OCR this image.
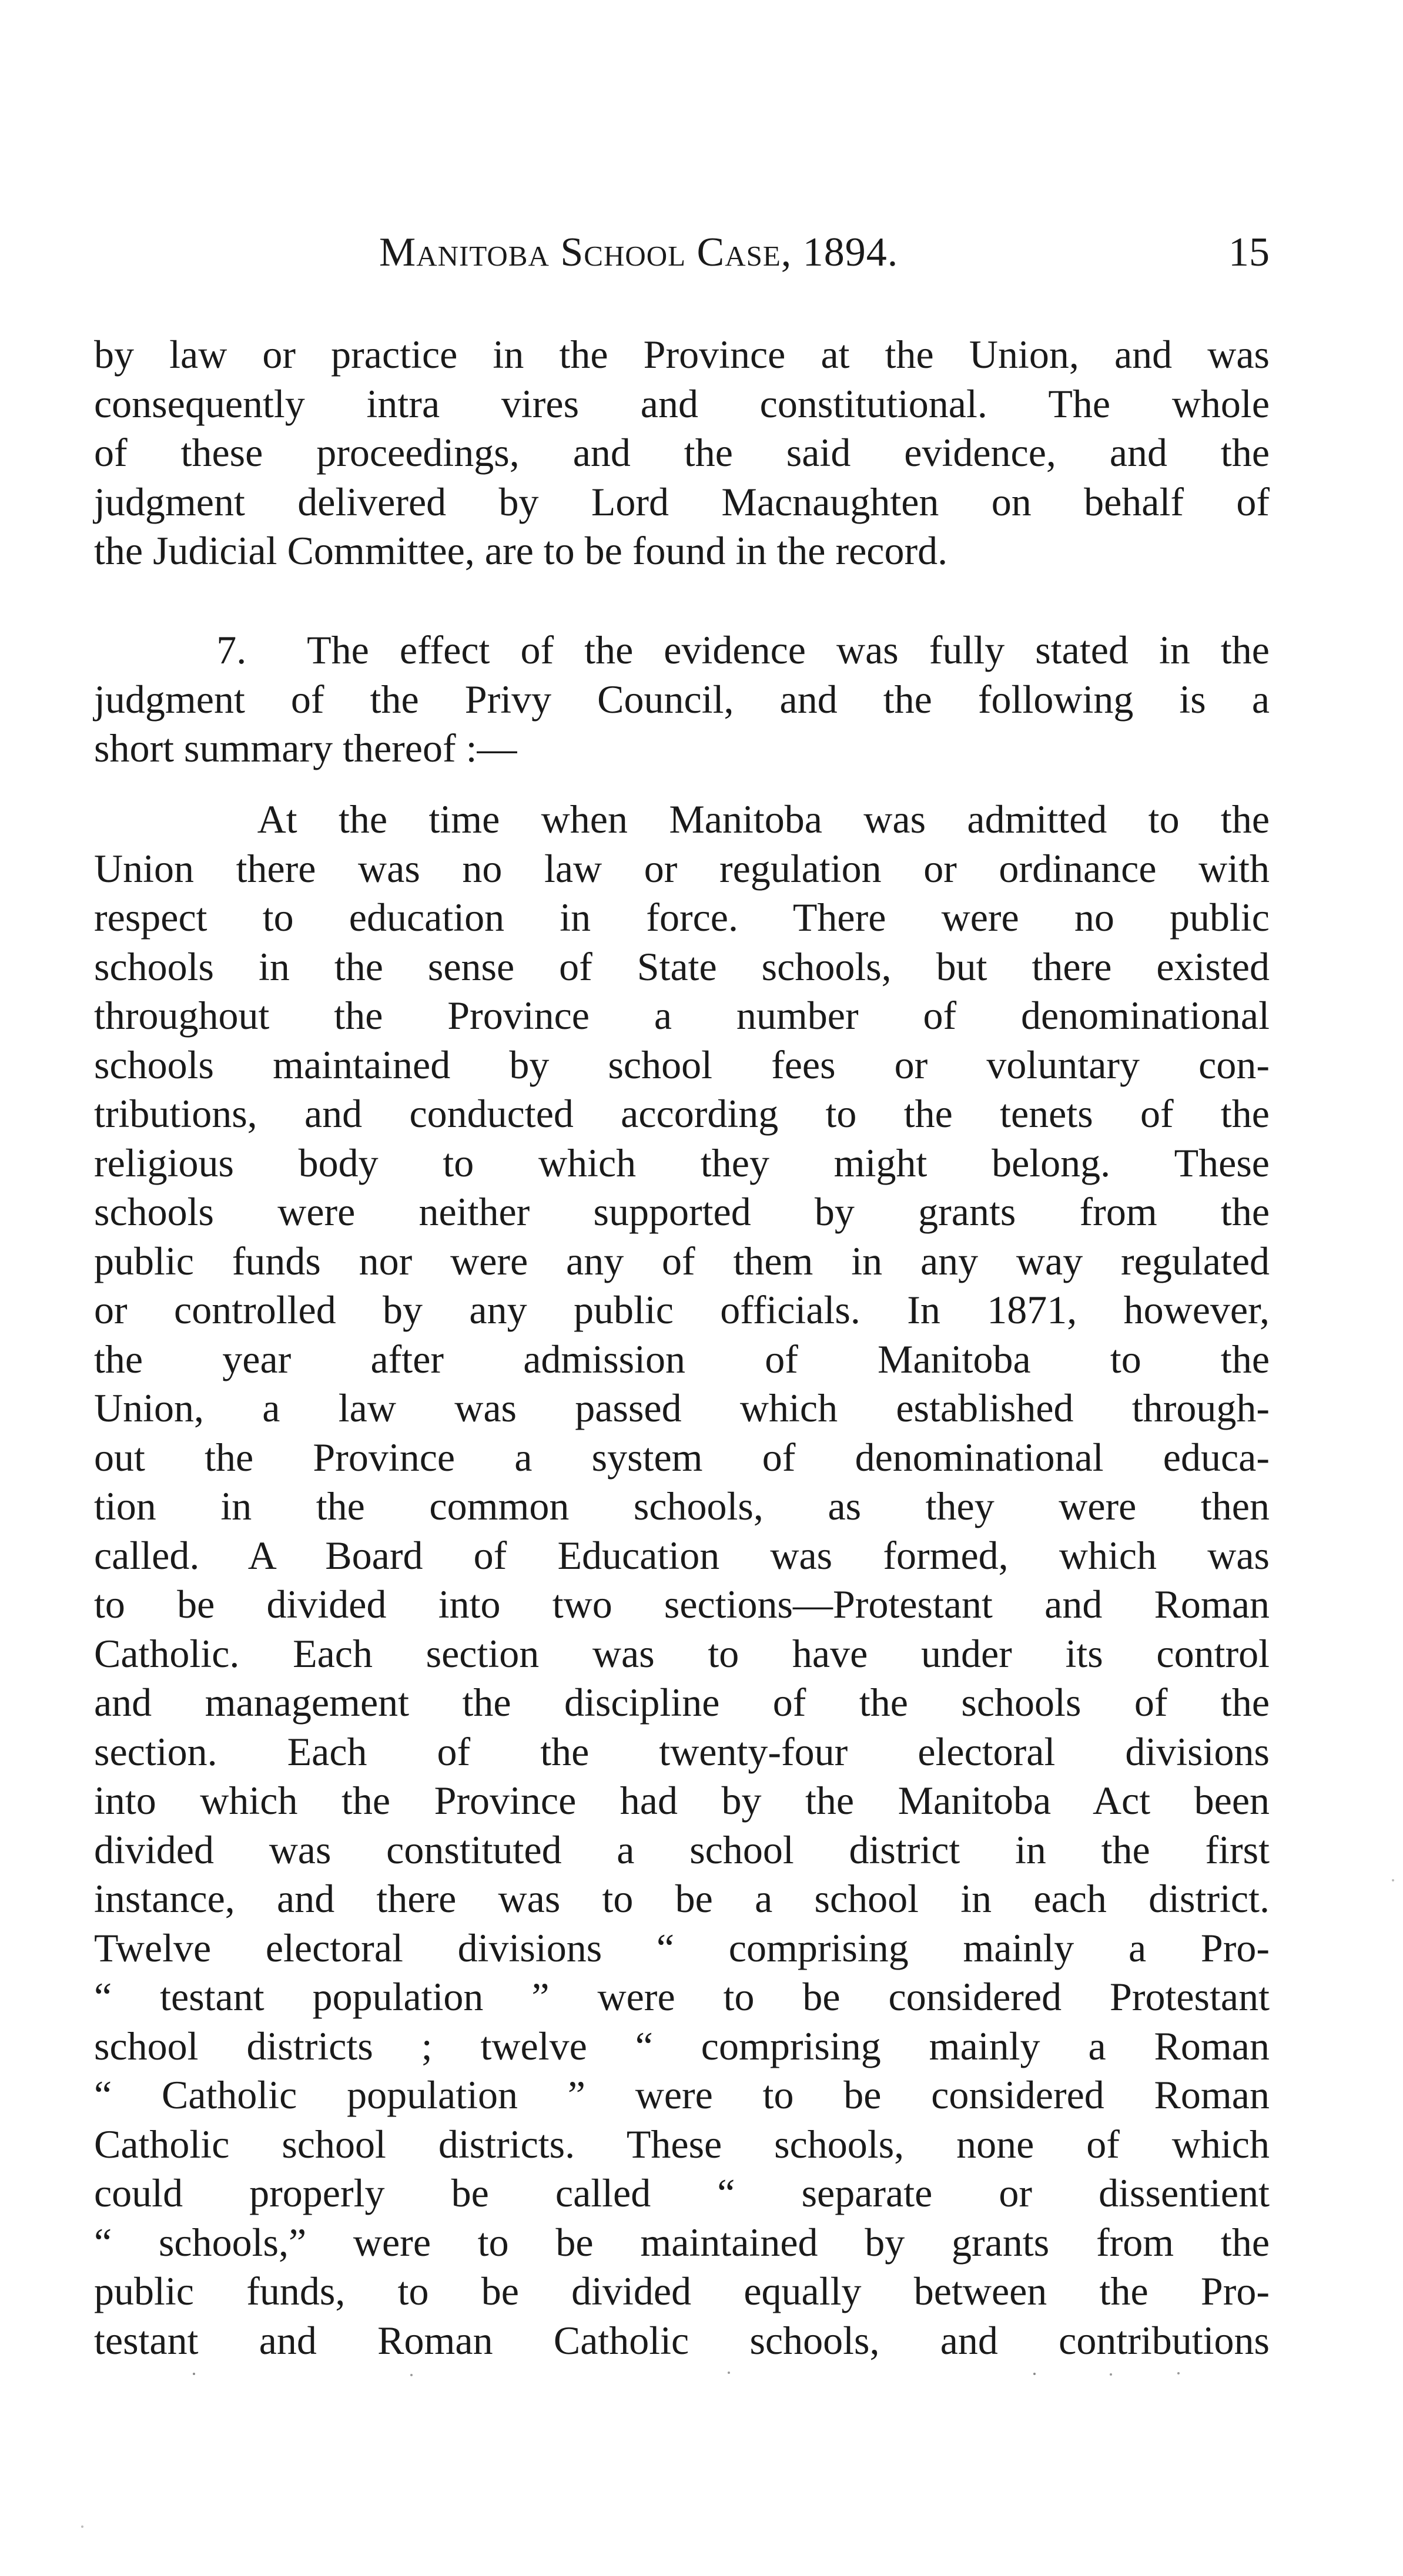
Manitoba School Case, 1894.	15
by law or practice in the Province at the Union, and was
consequently intra vires and constitutional. The whole
of these proceedings, and the said evidence, and the
judgment delivered by Lord Macnaughten on behalf of
the Judicial Committee, are to be found in the record.
7.  The effect of the evidence was fully stated in the
judgment of the Privy Council, and the following is a
short summary thereof :—
At the time when Manitoba was admitted to the
Union there was no law or regulation or ordinance with
respect to education in force. There were no public
schools in the sense of State schools, but there existed
throughout the Province a number of denominational
schools maintained by school fees or voluntary con-
tributions, and conducted according to the tenets of the
religious body to which they might belong. These
schools were neither supported by grants from the
public funds nor were any of them in any way regulated
or controlled by any public officials. In 1871, however,
the year after admission of Manitoba to the
Union, a law was passed which established through-
out the Province a system of denominational educa-
tion in the common schools, as they were then
called. A Board of Education was formed, which was
to be divided into two sections—Protestant and Roman
Catholic. Each section was to have under its control
and management the discipline of the schools of the
section. Each of the twenty-four electoral divisions
into which the Province had by the Manitoba Act been
divided was constituted a school district in the first
instance, and there was to be a school in each district.
Twelve electoral divisions “ comprising mainly a Pro-
“ testant population ” were to be considered Protestant
school districts ; twelve “ comprising mainly a Roman
“ Catholic population ” were to be considered Roman
Catholic school districts. These schools, none of which
could properly be called “ separate or dissentient
“ schools,” were to be maintained by grants from the
public funds, to be divided equally between the Pro-
testant and Roman Catholic schools, and contributions
